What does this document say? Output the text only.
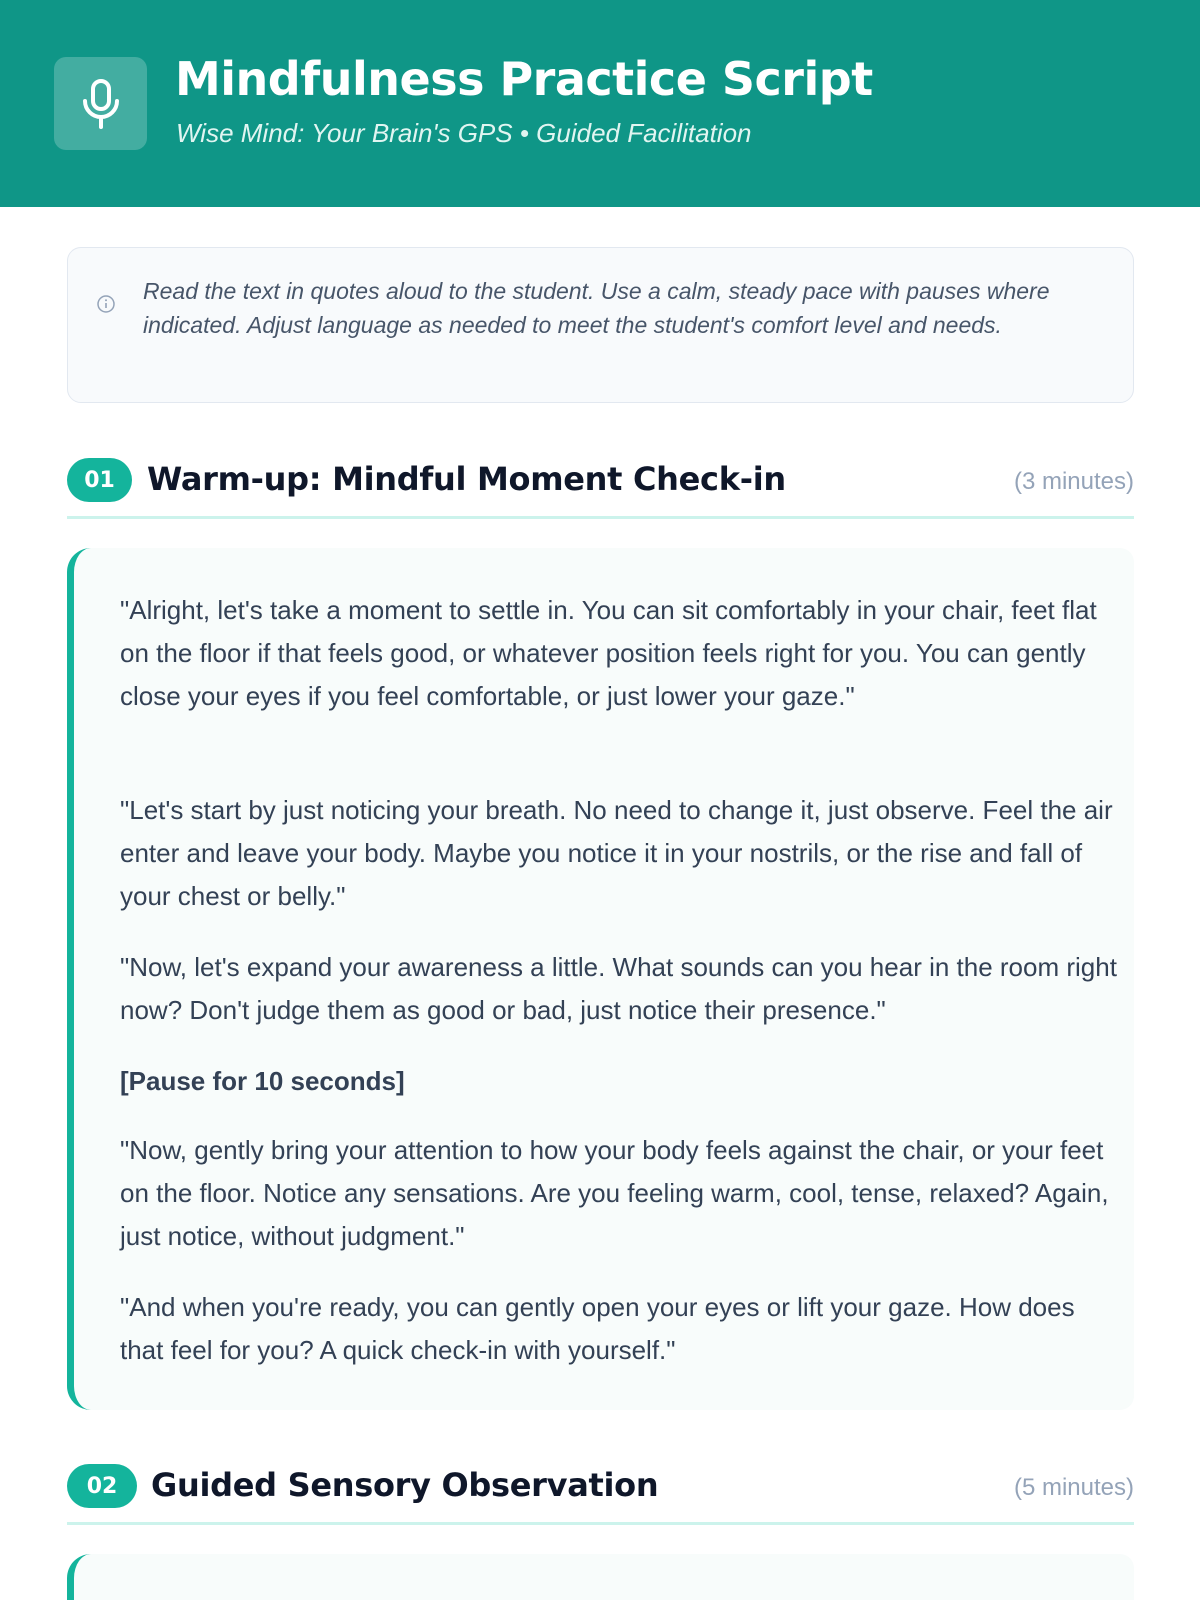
Mindfulness Practice Script
Wise Mind: Your Brain's GPS • Guided Facilitation
Read the text in quotes aloud to the student. Use a calm, steady pace with pauses where indicated. Adjust language as needed to meet the student's comfort level and needs.
01	Warm-up: Mindful Moment Check-in	(3 minutes)
"Alright, let's take a moment to settle in. You can sit comfortably in your chair, feet flat on the floor if that feels good, or whatever position feels right for you. You can gently close your eyes if you feel comfortable, or just lower your gaze."
"Let's start by just noticing your breath. No need to change it, just observe. Feel the air enter and leave your body. Maybe you notice it in your nostrils, or the rise and fall of your chest or belly."
"Now, let's expand your awareness a little. What sounds can you hear in the room right now? Don't judge them as good or bad, just notice their presence."
[Pause for 10 seconds]
"Now, gently bring your attention to how your body feels against the chair, or your feet on the floor. Notice any sensations. Are you feeling warm, cool, tense, relaxed? Again, just notice, without judgment."
"And when you're ready, you can gently open your eyes or lift your gaze. How does that feel for you? A quick check-in with yourself."
02	Guided Sensory Observation	(5 minutes)
